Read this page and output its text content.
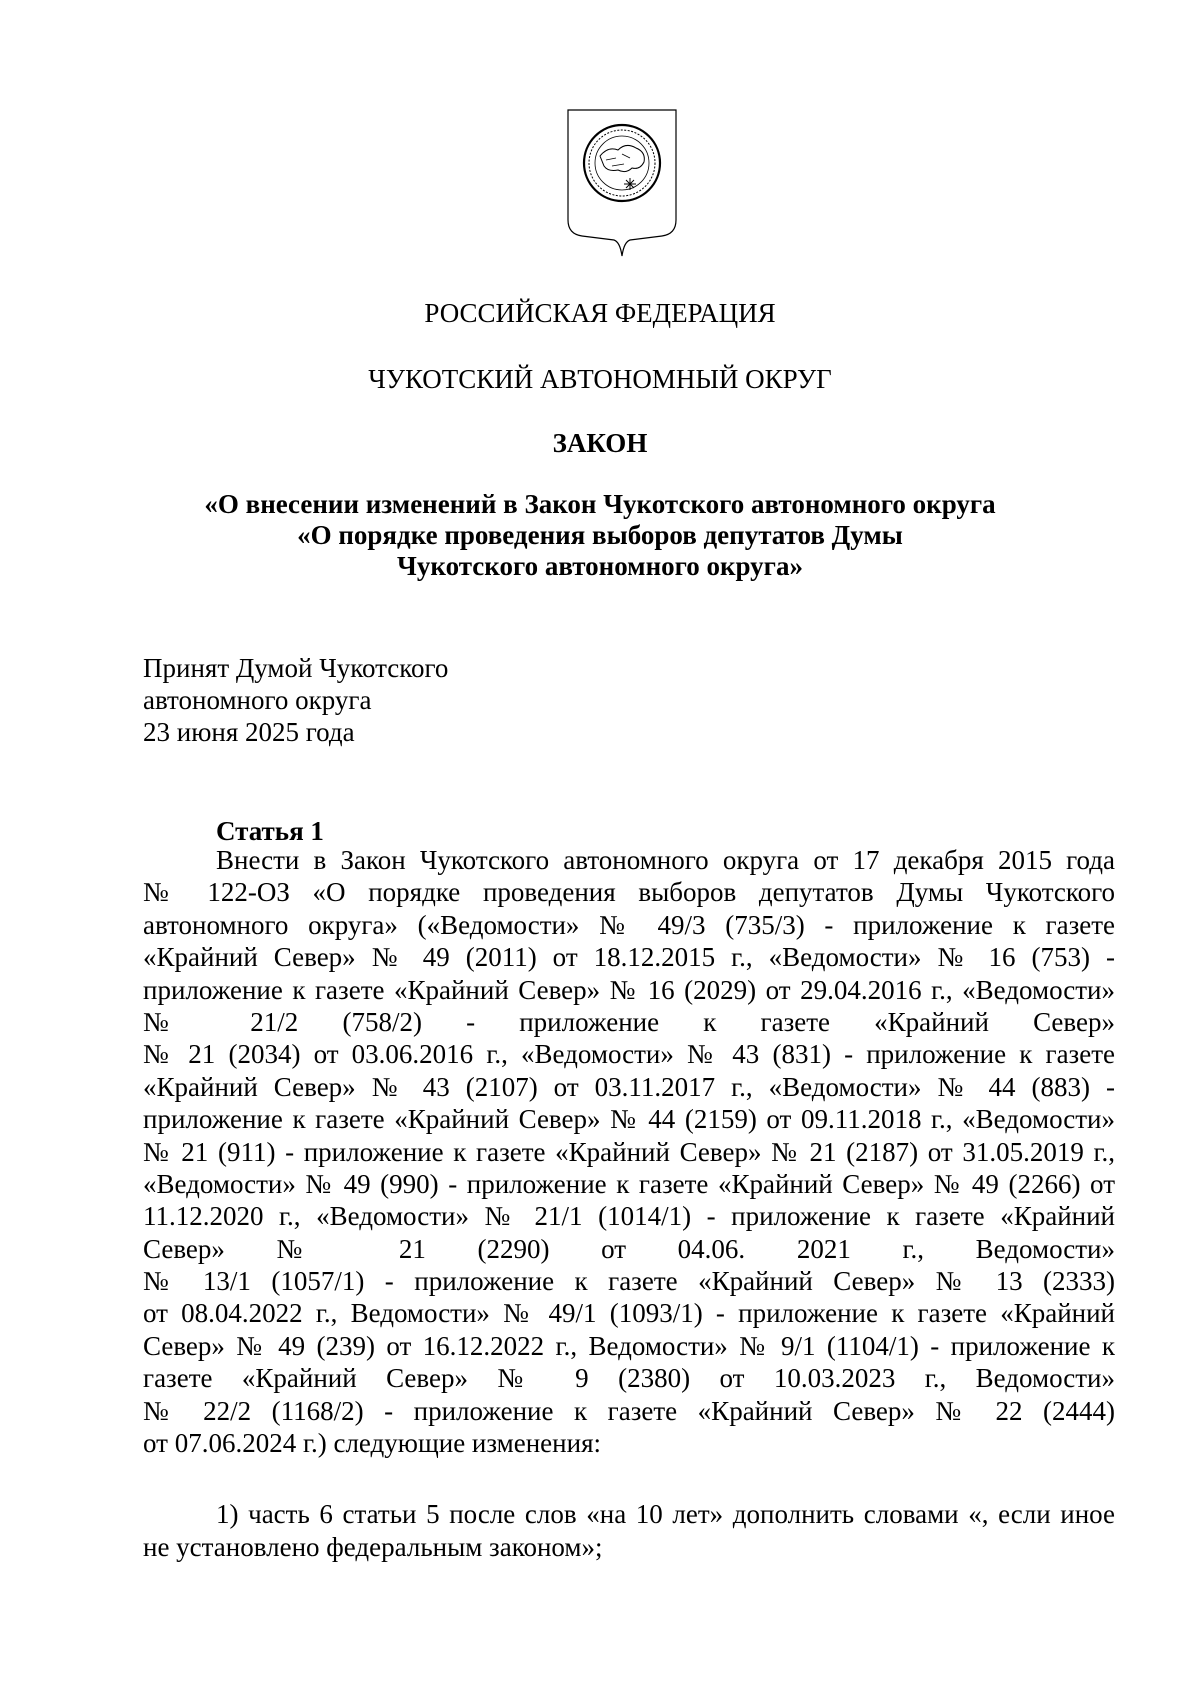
РОССИЙСКАЯ ФЕДЕРАЦИЯ
ЧУКОТСКИЙ АВТОНОМНЫЙ ОКРУГ
ЗАКОН
«О внесении изменений в Закон Чукотского автономного округа
«О порядке проведения выборов депутатов Думы
Чукотского автономного округа»
Принят Думой Чукотского
автономного округа
23 июня 2025 года
Статья 1
Внести в Закон Чукотского автономного округа от 17 декабря 2015 года
№ 122-ОЗ «О порядке проведения выборов депутатов Думы Чукотского
автономного округа» («Ведомости» № 49/3 (735/3) - приложение к газете
«Крайний Север» № 49 (2011) от 18.12.2015 г., «Ведомости» № 16 (753) -
приложение к газете «Крайний Север» № 16 (2029) от 29.04.2016 г., «Ведомости»
№ 21/2 (758/2) - приложение к газете «Крайний Север»
№ 21 (2034) от 03.06.2016 г., «Ведомости» № 43 (831) - приложение к газете
«Крайний Север» № 43 (2107) от 03.11.2017 г., «Ведомости» № 44 (883) -
приложение к газете «Крайний Север» № 44 (2159) от 09.11.2018 г., «Ведомости»
№ 21 (911) - приложение к газете «Крайний Север» № 21 (2187) от 31.05.2019 г.,
«Ведомости» № 49 (990) - приложение к газете «Крайний Север» № 49 (2266) от
11.12.2020 г., «Ведомости» № 21/1 (1014/1) - приложение к газете «Крайний
Север» № 21 (2290) от 04.06. 2021 г., Ведомости»
№ 13/1 (1057/1) - приложение к газете «Крайний Север» № 13 (2333)
от 08.04.2022 г., Ведомости» № 49/1 (1093/1) - приложение к газете «Крайний
Север» № 49 (239) от 16.12.2022 г., Ведомости» № 9/1 (1104/1) - приложение к
газете «Крайний Север» № 9 (2380) от 10.03.2023 г., Ведомости»
№ 22/2 (1168/2) - приложение к газете «Крайний Север» № 22 (2444)
от 07.06.2024 г.) следующие изменения:
1) часть 6 статьи 5 после слов «на 10 лет» дополнить словами «, если иное
не установлено федеральным законом»;
